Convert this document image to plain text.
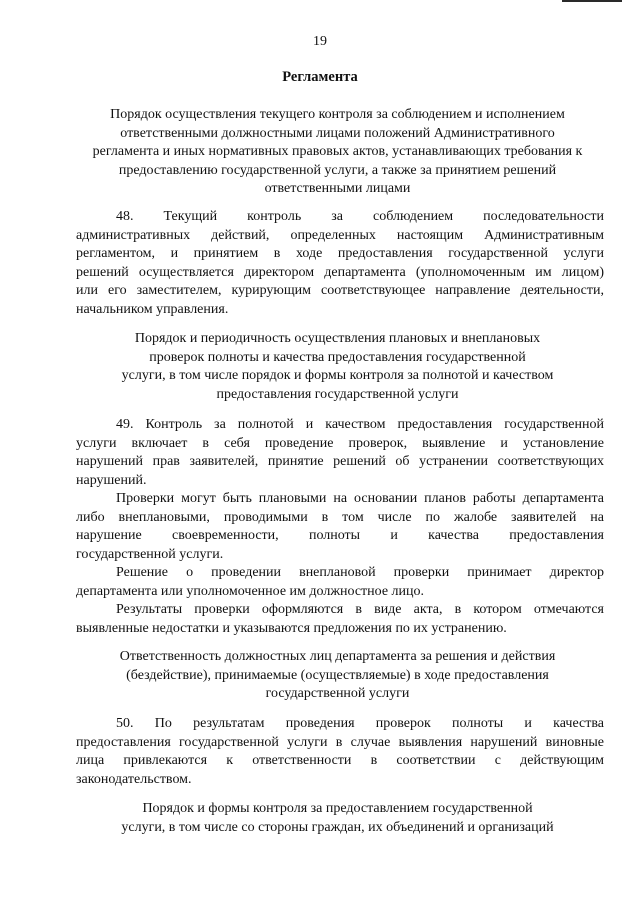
19
Регламента
Порядок осуществления текущего контроля за соблюдением и исполнением
ответственными должностными лицами положений Административного
регламента и иных нормативных правовых актов, устанавливающих требования к
предоставлению государственной услуги, а также за принятием решений
ответственными лицами
48. Текущий контроль за соблюдением последовательности
административных действий, определенных настоящим Административным
регламентом, и принятием в ходе предоставления государственной услуги
решений осуществляется директором департамента (уполномоченным им лицом)
или его заместителем, курирующим соответствующее направление деятельности,
начальником управления.
Порядок и периодичность осуществления плановых и внеплановых
проверок полноты и качества предоставления государственной
услуги, в том числе порядок и формы контроля за полнотой и качеством
предоставления государственной услуги
49. Контроль за полнотой и качеством предоставления государственной
услуги включает в себя проведение проверок, выявление и установление
нарушений прав заявителей, принятие решений об устранении соответствующих
нарушений.
Проверки могут быть плановыми на основании планов работы департамента
либо внеплановыми, проводимыми в том числе по жалобе заявителей на
нарушение своевременности, полноты и качества предоставления
государственной услуги.
Решение о проведении внеплановой проверки принимает директор
департамента или уполномоченное им должностное лицо.
Результаты проверки оформляются в виде акта, в котором отмечаются
выявленные недостатки и указываются предложения по их устранению.
Ответственность должностных лиц департамента за решения и действия
(бездействие), принимаемые (осуществляемые) в ходе предоставления
государственной услуги
50. По результатам проведения проверок полноты и качества
предоставления государственной услуги в случае выявления нарушений виновные
лица привлекаются к ответственности в соответствии с действующим
законодательством.
Порядок и формы контроля за предоставлением государственной
услуги, в том числе со стороны граждан, их объединений и организаций
